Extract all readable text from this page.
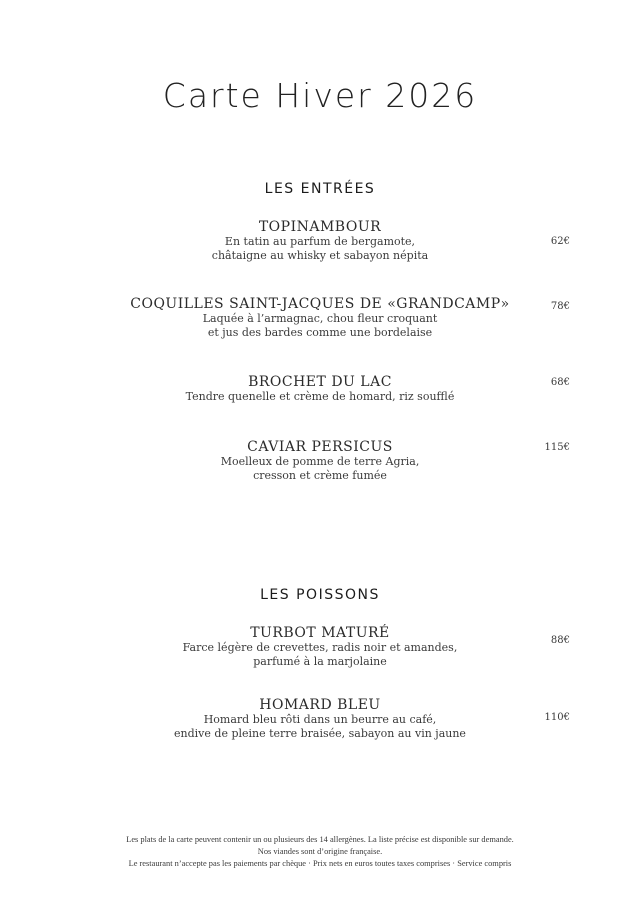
Carte Hiver 2026
LES ENTRÉES
TOPINAMBOUR
En tatin au parfum de bergamote,
châtaigne au whisky et sabayon népita
62€
COQUILLES SAINT-JACQUES DE «GRANDCAMP»
Laquée à l’armagnac, chou fleur croquant
et jus des bardes comme une bordelaise
78€
BROCHET DU LAC
Tendre quenelle et crème de homard, riz soufflé
68€
CAVIAR PERSICUS
Moelleux de pomme de terre Agria,
cresson et crème fumée
115€
LES POISSONS
TURBOT MATURÉ
Farce légère de crevettes, radis noir et amandes,
parfumé à la marjolaine
88€
HOMARD BLEU
Homard bleu rôti dans un beurre au café,
endive de pleine terre braisée, sabayon au vin jaune
110€
Les plats de la carte peuvent contenir un ou plusieurs des 14 allergènes. La liste précise est disponible sur demande.
Nos viandes sont d’origine française.
Le restaurant n’accepte pas les paiements par chèque · Prix nets en euros toutes taxes comprises · Service compris
